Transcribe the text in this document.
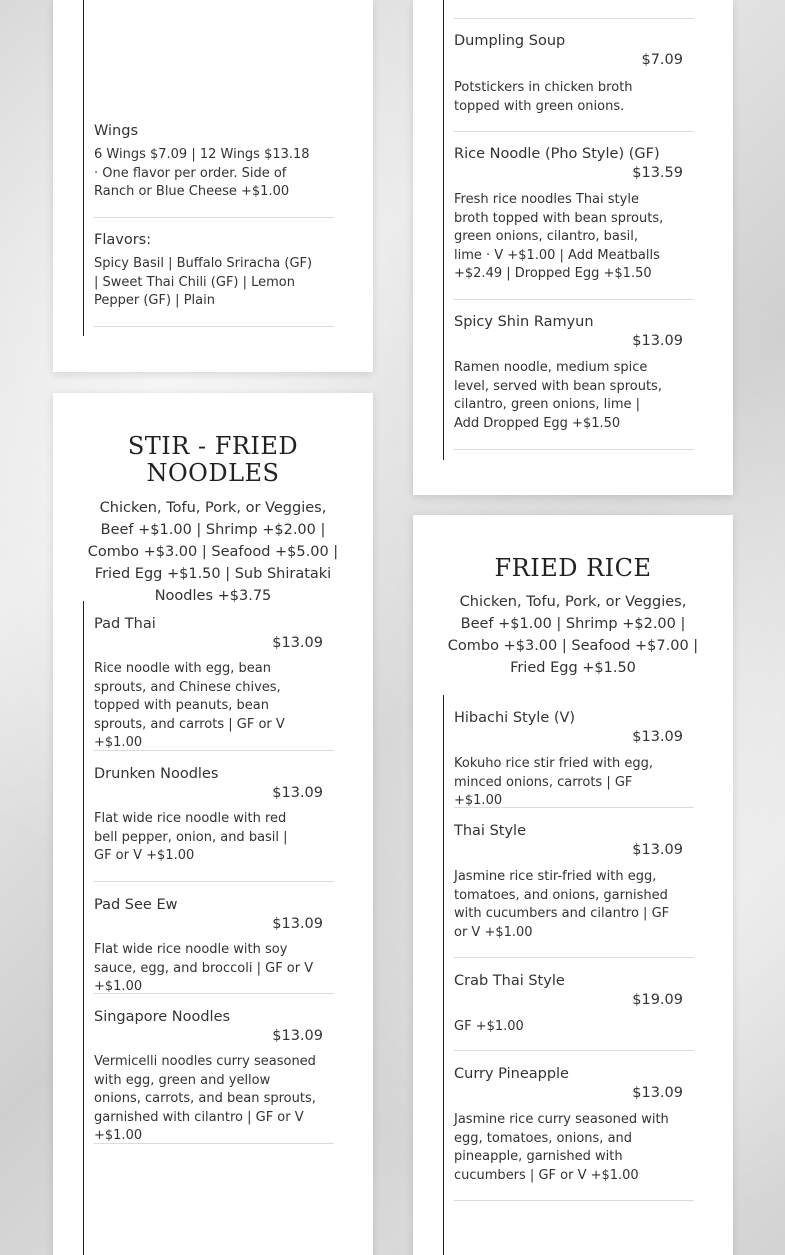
Wings
6 Wings $7.09 | 12 Wings $13.18 · One flavor per order. Side of Ranch or Blue Cheese +$1.00
Flavors:
Spicy Basil | Buffalo Sriracha (GF) | Sweet Thai Chili (GF) | Lemon Pepper (GF) | Plain
STIR - FRIED NOODLES
Chicken, Tofu, Pork, or Veggies, Beef +$1.00 | Shrimp +$2.00 | Combo +$3.00 | Seafood +$5.00 | Fried Egg +$1.50 | Sub Shirataki Noodles +$3.75
Pad Thai
$13.09
Rice noodle with egg, bean sprouts, and Chinese chives, topped with peanuts, bean sprouts, and carrots | GF or V +$1.00
Drunken Noodles
$13.09
Flat wide rice noodle with red bell pepper, onion, and basil | GF or V +$1.00
Pad See Ew
$13.09
Flat wide rice noodle with soy sauce, egg, and broccoli | GF or V +$1.00
Singapore Noodles
$13.09
Vermicelli noodles curry seasoned with egg, green and yellow onions, carrots, and bean sprouts, garnished with cilantro | GF or V +$1.00
Dumpling Soup
$7.09
Potstickers in chicken broth topped with green onions.
Rice Noodle (Pho Style) (GF)
$13.59
Fresh rice noodles Thai style broth topped with bean sprouts, green onions, cilantro, basil, lime · V +$1.00 | Add Meatballs +$2.49 | Dropped Egg +$1.50
Spicy Shin Ramyun
$13.09
Ramen noodle, medium spice level, served with bean sprouts, cilantro, green onions, lime | Add Dropped Egg +$1.50
FRIED RICE
Chicken, Tofu, Pork, or Veggies, Beef +$1.00 | Shrimp +$2.00 | Combo +$3.00 | Seafood +$7.00 | Fried Egg +$1.50
Hibachi Style (V)
$13.09
Kokuho rice stir fried with egg, minced onions, carrots | GF +$1.00
Thai Style
$13.09
Jasmine rice stir-fried with egg, tomatoes, and onions, garnished with cucumbers and cilantro | GF or V +$1.00
Crab Thai Style
$19.09
GF +$1.00
Curry Pineapple
$13.09
Jasmine rice curry seasoned with egg, tomatoes, onions, and pineapple, garnished with cucumbers | GF or V +$1.00
